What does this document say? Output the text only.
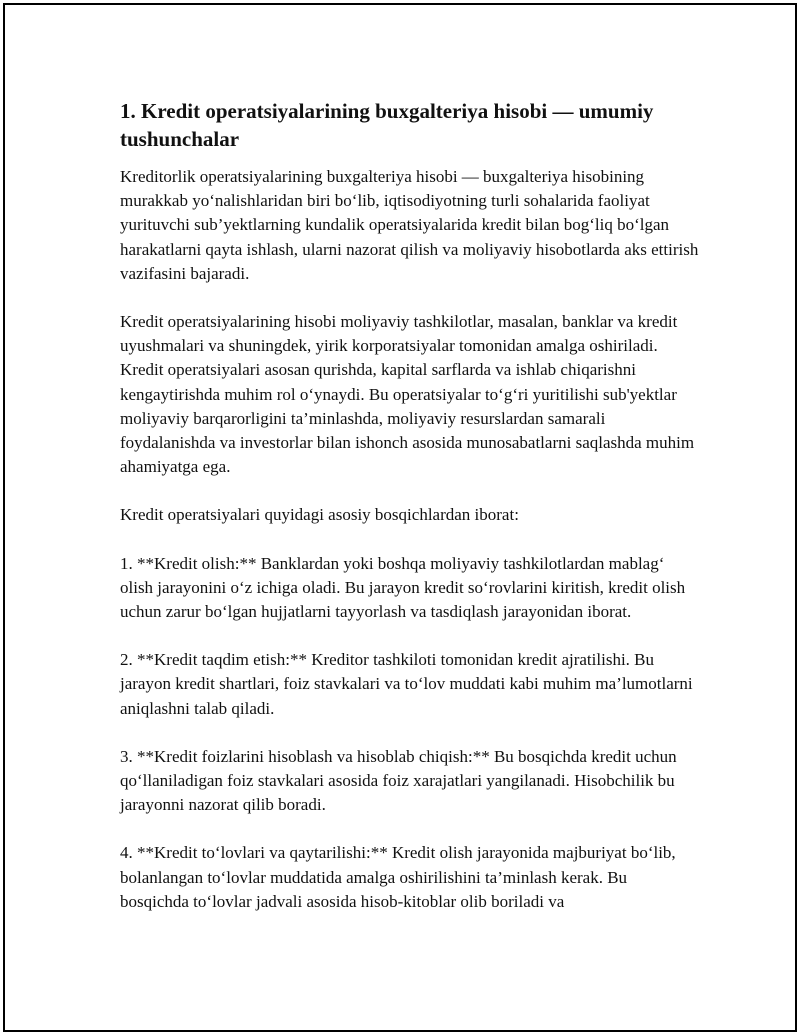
1. Kredit operatsiyalarining buxgalteriya hisobi — umumiy tushunchalar

Kreditorlik operatsiyalarining buxgalteriya hisobi — buxgalteriya hisobining murakkab yo‘nalishlaridan biri bo‘lib, iqtisodiyotning turli sohalarida faoliyat yurituvchi sub’yektlarning kundalik operatsiyalarida kredit bilan bog‘liq bo‘lgan harakatlarni qayta ishlash, ularni nazorat qilish va moliyaviy hisobotlarda aks ettirish vazifasini bajaradi.

Kredit operatsiyalarining hisobi moliyaviy tashkilotlar, masalan, banklar va kredit uyushmalari va shuningdek, yirik korporatsiyalar tomonidan amalga oshiriladi. Kredit operatsiyalari asosan qurishda, kapital sarflarda va ishlab chiqarishni kengaytirishda muhim rol o‘ynaydi. Bu operatsiyalar to‘g‘ri yuritilishi sub'yektlar moliyaviy barqarorligini ta’minlashda, moliyaviy resurslardan samarali foydalanishda va investorlar bilan ishonch asosida munosabatlarni saqlashda muhim ahamiyatga ega.

Kredit operatsiyalari quyidagi asosiy bosqichlardan iborat:

1. **Kredit olish:** Banklardan yoki boshqa moliyaviy tashkilotlardan mablag‘ olish jarayonini o‘z ichiga oladi. Bu jarayon kredit so‘rovlarini kiritish, kredit olish uchun zarur bo‘lgan hujjatlarni tayyorlash va tasdiqlash jarayonidan iborat.

2. **Kredit taqdim etish:** Kreditor tashkiloti tomonidan kredit ajratilishi. Bu jarayon kredit shartlari, foiz stavkalari va to‘lov muddati kabi muhim ma’lumotlarni aniqlashni talab qiladi.

3. **Kredit foizlarini hisoblash va hisoblab chiqish:** Bu bosqichda kredit uchun qo‘llaniladigan foiz stavkalari asosida foiz xarajatlari yangilanadi. Hisobchilik bu jarayonni nazorat qilib boradi.

4. **Kredit to‘lovlari va qaytarilishi:** Kredit olish jarayonida majburiyat bo‘lib, bolanlangan to‘lovlar muddatida amalga oshirilishini ta’minlash kerak. Bu bosqichda to‘lovlar jadvali asosida hisob-kitoblar olib boriladi va
